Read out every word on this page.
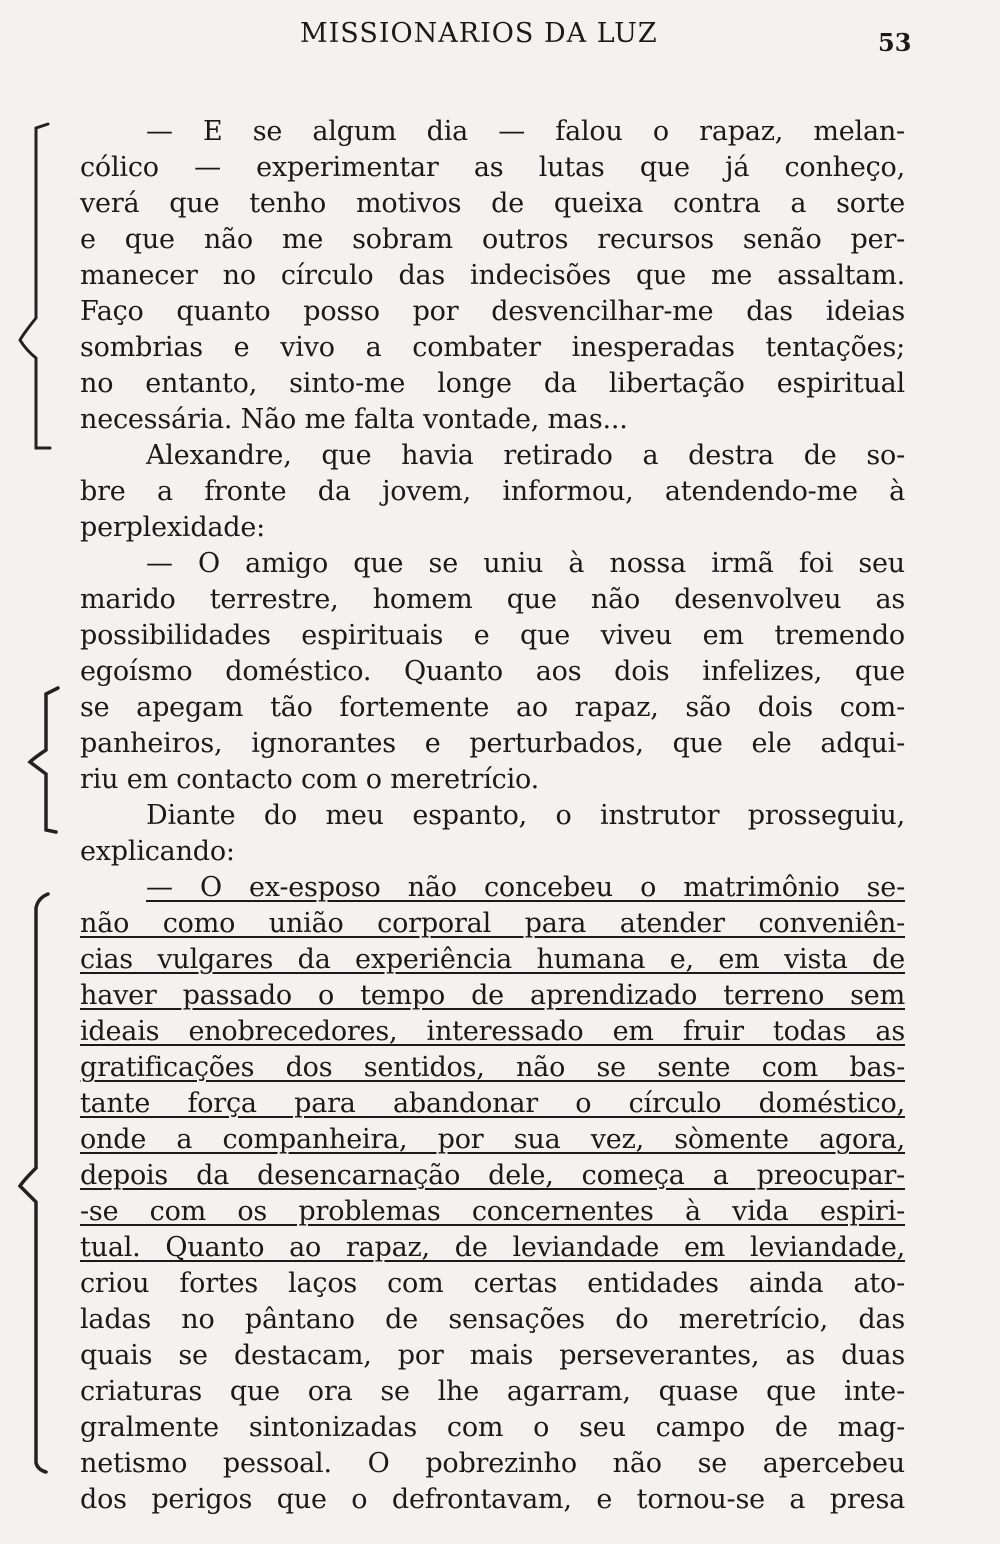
MISSIONARIOS DA LUZ	53
— E se algum dia — falou o rapaz, melan-
cólico — experimentar as lutas que já conheço,
verá que tenho motivos de queixa contra a sorte
e que não me sobram outros recursos senão per-
manecer no círculo das indecisões que me assaltam.
Faço quanto posso por desvencilhar-me das ideias
sombrias e vivo a combater inesperadas tentações;
no entanto, sinto-me longe da libertação espiritual
necessária. Não me falta vontade, mas...
Alexandre, que havia retirado a destra de so-
bre a fronte da jovem, informou, atendendo-me à
perplexidade:
— O amigo que se uniu à nossa irmã foi seu
marido terrestre, homem que não desenvolveu as
possibilidades espirituais e que viveu em tremendo
egoísmo doméstico. Quanto aos dois infelizes, que
se apegam tão fortemente ao rapaz, são dois com-
panheiros, ignorantes e perturbados, que ele adqui-
riu em contacto com o meretrício.
Diante do meu espanto, o instrutor prosseguiu,
explicando:
— O ex-esposo não concebeu o matrimônio se-
não como união corporal para atender conveniên-
cias vulgares da experiência humana e, em vista de
haver passado o tempo de aprendizado terreno sem
ideais enobrecedores, interessado em fruir todas as
gratificações dos sentidos, não se sente com bas-
tante força para abandonar o círculo doméstico,
onde a companheira, por sua vez, sòmente agora,
depois da desencarnação dele, começa a preocupar-
-se com os problemas concernentes à vida espiri-
tual. Quanto ao rapaz, de leviandade em leviandade,
criou fortes laços com certas entidades ainda ato-
ladas no pântano de sensações do meretrício, das
quais se destacam, por mais perseverantes, as duas
criaturas que ora se lhe agarram, quase que inte-
gralmente sintonizadas com o seu campo de mag-
netismo pessoal. O pobrezinho não se apercebeu
dos perigos que o defrontavam, e tornou-se a presa
